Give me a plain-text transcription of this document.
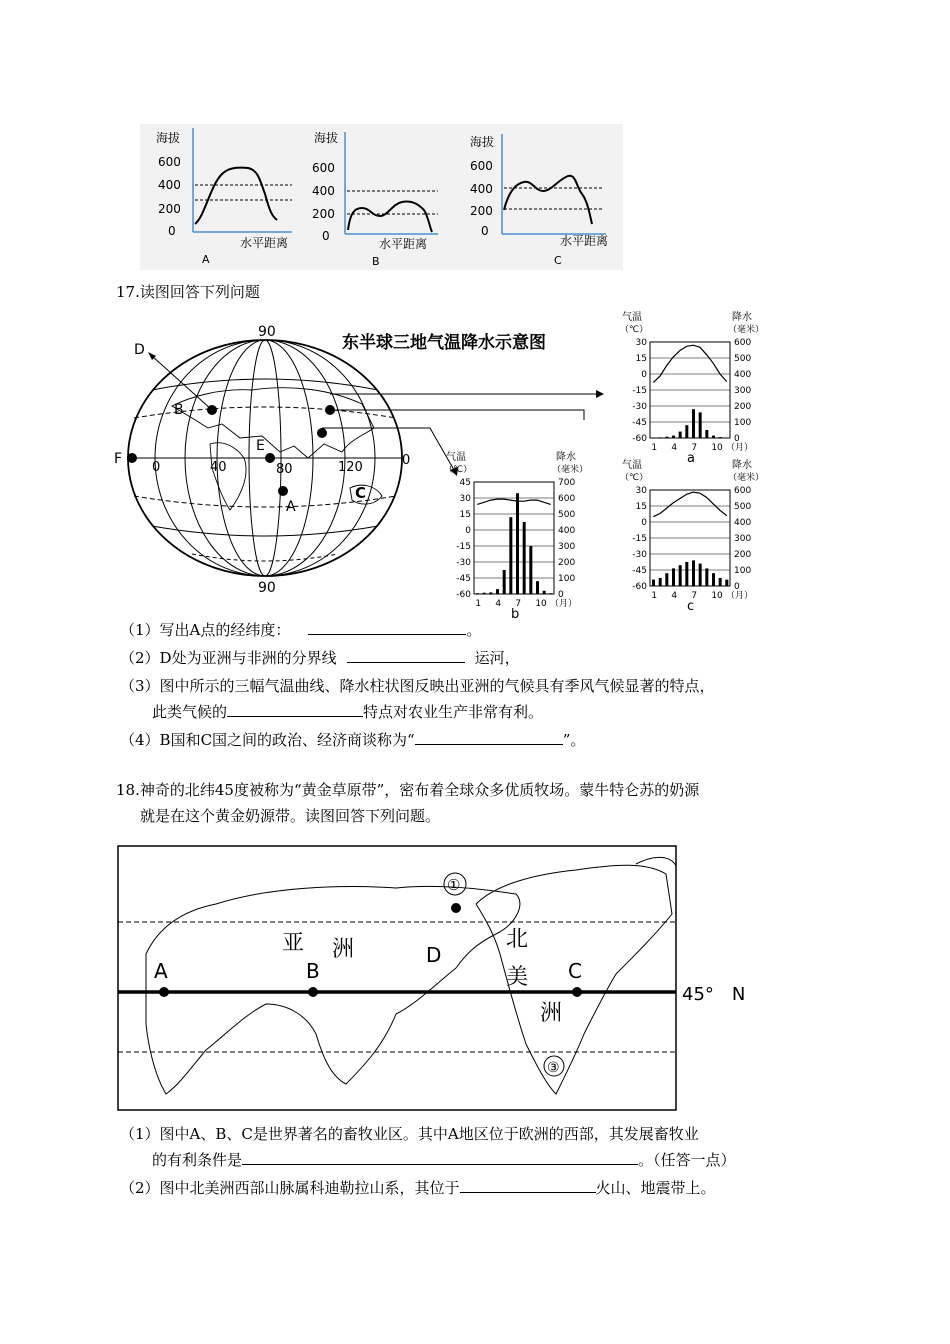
海拔
600
400
200
0
水平距离
A
海拔
600
400
200
0
水平距离
B
海拔
600
400
200
0
水平距离
C
17.读图回答下列问题
东半球三地气温降水示意图
90
90
0	40	80	120	0
A
B
C
D
E
F
气温
（℃）
降水
（毫米）
30	600
15	500
0	400
-15	300
-30	200
-45	100
-60	0
1 4 7 10 （月）
a
气温
（℃）
降水
（毫米）
45	700
30	600
15	500
0	400
-15	300
-30	200
-45	100
-60	0
1 4 7 10 （月）
b
气温
（℃）
降水
（毫米）
30	600
15	500
0	400
-15	300
-30	200
-45	100
-60	0
1 4 7 10 （月）
c
（1）写出A点的经纬度：	。
（2）D处为亚洲与非洲的分界线	运河，
（3）图中所示的三幅气温曲线、降水柱状图反映出亚洲的气候具有季风气候显著的特点，
此类气候的	特点对农业生产非常有利。
（4）B国和C国之间的政治、经济商谈称为“	”。
18.神奇的北纬45度被称为“黄金草原带”，密布着全球众多优质牧场。蒙牛特仑苏的奶源
就是在这个黄金奶源带。读图回答下列问题。
A
亚
B
洲	D
北
美 C
洲
①
③
45°　N
（1）图中A、B、C是世界著名的畜牧业区。其中A地区位于欧洲的西部，其发展畜牧业
的有利条件是	。（任答一点）
（2）图中北美洲西部山脉属科迪勒拉山系，其位于	火山、地震带上。
